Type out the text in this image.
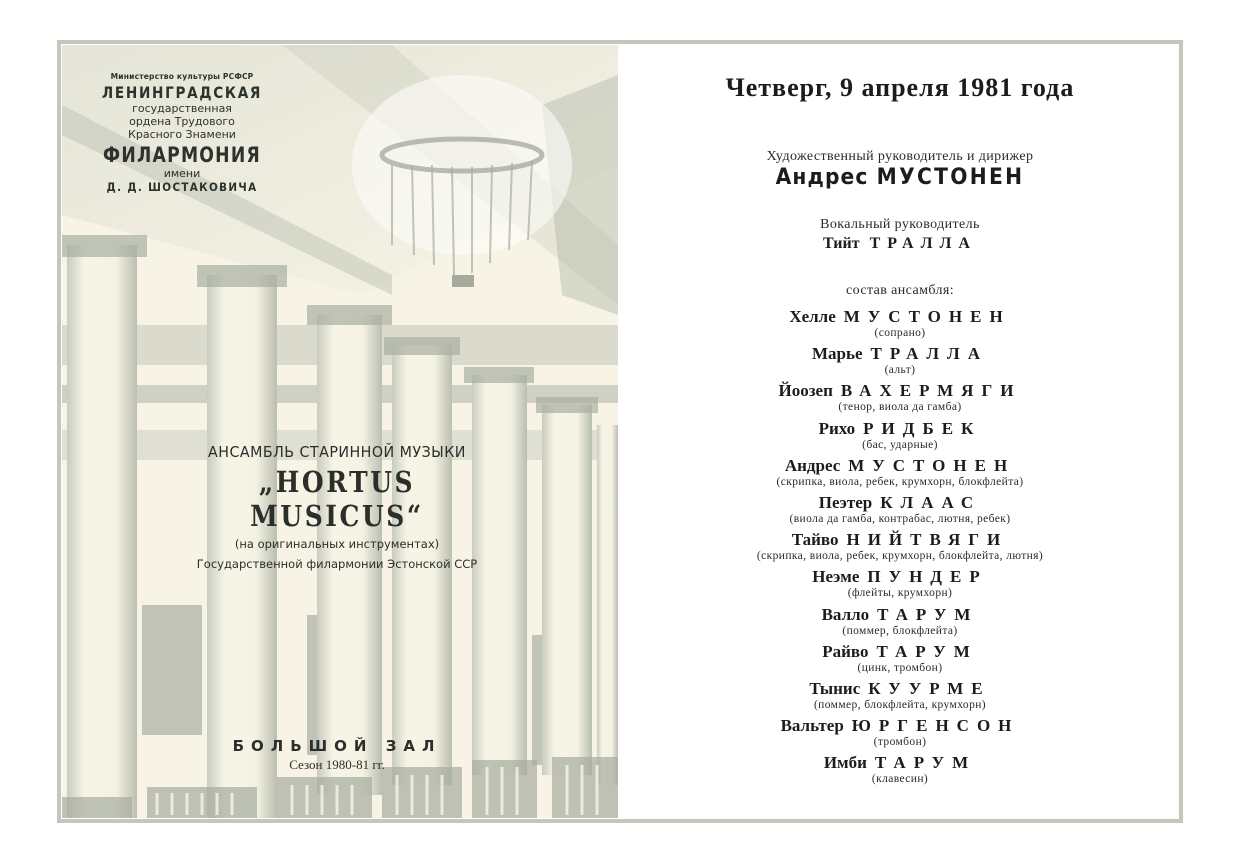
Министерство культуры РСФСР
ЛЕНИНГРАДСКАЯ
государственная
ордена Трудового
Красного Знамени
ФИЛАРМОНИЯ
имени
Д. Д. ШОСТАКОВИЧА
АНСАМБЛЬ СТАРИННОЙ МУЗЫКИ
„HORTUS MUSICUS“
(на оригинальных инструментах)
Государственной филармонии Эстонской ССР
БОЛЬШОЙ ЗАЛ
Сезон 1980-81 гг.
Четверг, 9 апреля 1981 года
Художественный руководитель и дирижер
Андрес МУСТОНЕН
Вокальный руководитель
Тийт ТРАЛЛА
состав ансамбля:
Хелле МУСТОНЕН
(сопрано)
Марье ТРАЛЛА
(альт)
Йоозеп ВАХЕРМЯГИ
(тенор, виола да гамба)
Рихо РИДБЕК
(бас, ударные)
Андрес МУСТОНЕН
(скрипка, виола, ребек, крумхорн, блокфлейта)
Пеэтер КЛААС
(виола да гамба, контрабас, лютня, ребек)
Тайво НИЙТВЯГИ
(скрипка, виола, ребек, крумхорн, блокфлейта, лютня)
Неэме ПУНДЕР
(флейты, крумхорн)
Валло ТАРУМ
(поммер, блокфлейта)
Райво ТАРУМ
(цинк, тромбон)
Тынис КУУРМЕ
(поммер, блокфлейта, крумхорн)
Вальтер ЮРГЕНСОН
(тромбон)
Имби ТАРУМ
(клавесин)
